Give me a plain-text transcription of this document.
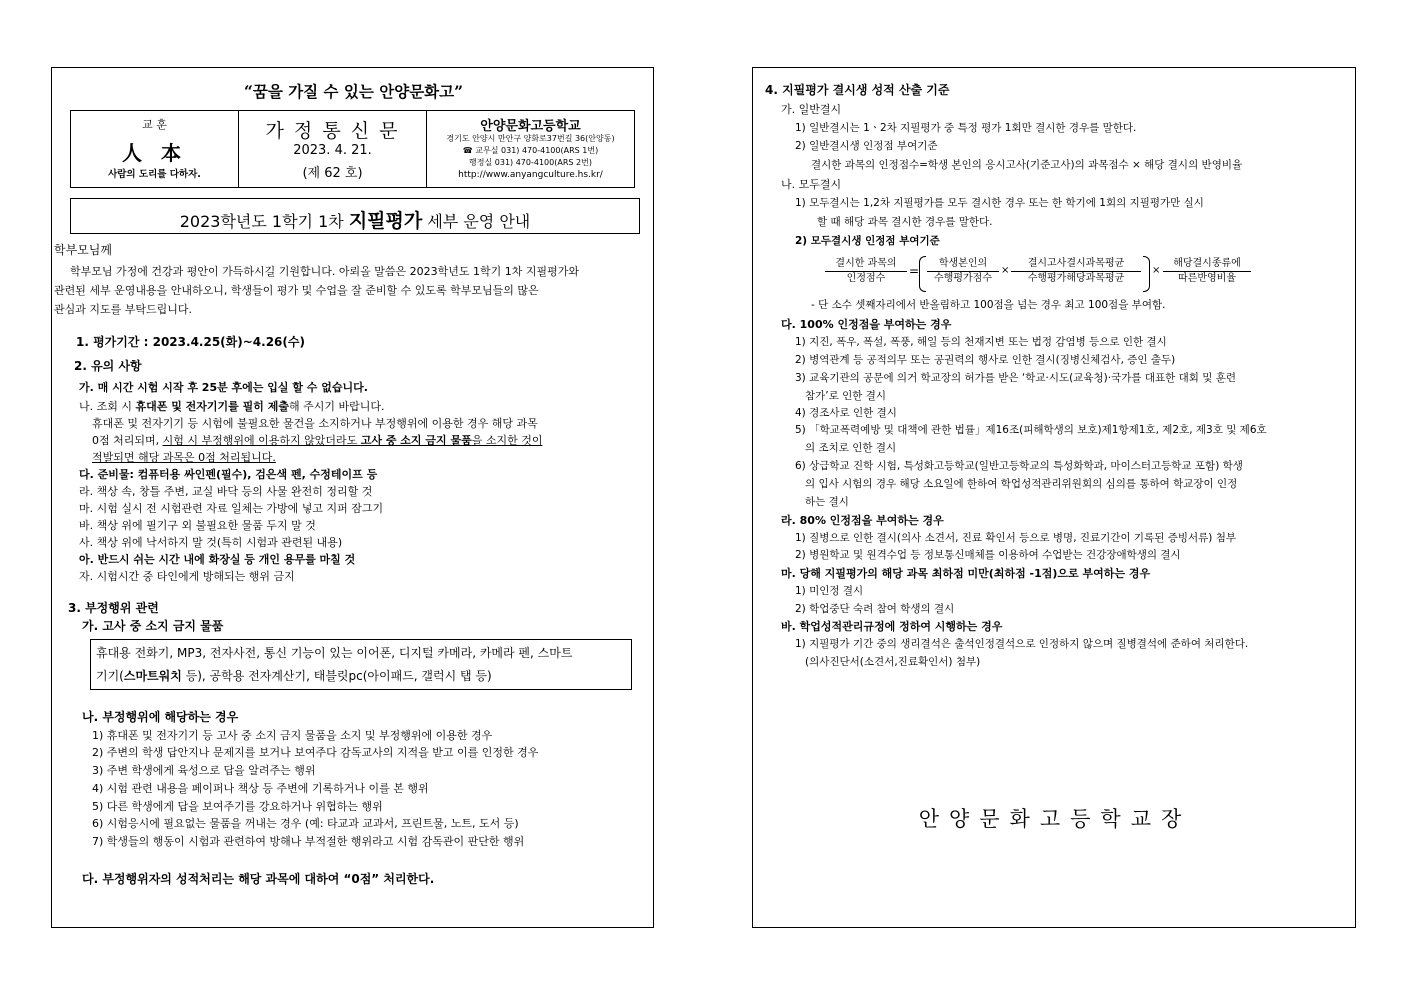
“꿈을 가질 수 있는 안양문화고”
교 훈
人 本
사람의 도리를 다하자.
가 정 통 신 문
2023. 4. 21.
(제 62 호)
안양문화고등학교
경기도 안양시 만안구 양화로37번길 36(안양동)
☎ 교무실 031) 470-4100(ARS 1번)
행정실 031) 470-4100(ARS 2번)
http://www.anyangculture.hs.kr/
2023학년도 1학기 1차 지필평가 세부 운영 안내
학부모님께
학부모님 가정에 건강과 평안이 가득하시길 기원합니다. 아뢰올 말씀은 2023학년도 1학기 1차 지필평가와
관련된 세부 운영내용을 안내하오니, 학생들이 평가 및 수업을 잘 준비할 수 있도록 학부모님들의 많은
관심과 지도를 부탁드립니다.
1. 평가기간 : 2023.4.25(화)~4.26(수)
2. 유의 사항
가. 매 시간 시험 시작 후 25분 후에는 입실 할 수 없습니다.
나. 조회 시 휴대폰 및 전자기기를 필히 제출해 주시기 바랍니다.
휴대폰 및 전자기기 등 시험에 불필요한 물건을 소지하거나 부정행위에 이용한 경우 해당 과목
0점 처리되며, 시험 시 부정행위에 이용하지 않았더라도 고사 중 소지 금지 물품을 소지한 것이
적발되면 해당 과목은 0점 처리됩니다.
다. 준비물: 컴퓨터용 싸인펜(필수), 검은색 펜, 수정테이프 등
라. 책상 속, 창틀 주변, 교실 바닥 등의 사물 완전히 정리할 것
마. 시험 실시 전 시험관련 자료 일체는 가방에 넣고 지퍼 잠그기
바. 책상 위에 필기구 외 불필요한 물품 두지 말 것
사. 책상 위에 낙서하지 말 것(특히 시험과 관련된 내용)
아. 반드시 쉬는 시간 내에 화장실 등 개인 용무를 마칠 것
자. 시험시간 중 타인에게 방해되는 행위 금지
3. 부정행위 관련
가. 고사 중 소지 금지 물품
휴대용 전화기, MP3, 전자사전, 통신 기능이 있는 이어폰, 디지털 카메라, 카메라 펜, 스마트
기기(스마트워치 등), 공학용 전자계산기, 태블릿pc(아이패드, 갤럭시 탭 등)
나. 부정행위에 해당하는 경우
1) 휴대폰 및 전자기기 등 고사 중 소지 금지 물품을 소지 및 부정행위에 이용한 경우
2) 주변의 학생 답안지나 문제지를 보거나 보여주다 감독교사의 지적을 받고 이를 인정한 경우
3) 주변 학생에게 육성으로 답을 알려주는 행위
4) 시험 관련 내용을 페이퍼나 책상 등 주변에 기록하거나 이를 본 행위
5) 다른 학생에게 답을 보여주기를 강요하거나 위협하는 행위
6) 시험응시에 필요없는 물품을 꺼내는 경우 (예: 타교과 교과서, 프린트물, 노트, 도서 등)
7) 학생들의 행동이 시험과 관련하여 방해나 부적절한 행위라고 시험 감독관이 판단한 행위
다. 부정행위자의 성적처리는 해당 과목에 대하여 “0점” 처리한다.
4. 지필평가 결시생 성적 산출 기준
가. 일반결시
1) 일반결시는 1ㆍ2차 지필평가 중 특정 평가 1회만 결시한 경우를 말한다.
2) 일반결시생 인정점 부여기준
결시한 과목의 인정점수=학생 본인의 응시고사(기준고사)의 과목점수 × 해당 결시의 반영비율
나. 모두결시
1) 모두결시는 1,2차 지필평가를 모두 결시한 경우 또는 한 학기에 1회의 지필평가만 실시
할 때 해당 과목 결시한 경우를 말한다.
2) 모두결시생 인정점 부여기준
결시한 과목의
인정점수
=
학생본인의
수행평가점수
×
결시고사결시과목평균
수행평가해당과목평균
×
해당결시종류에
따른반영비율
- 단 소수 셋째자리에서 반올림하고 100점을 넘는 경우 최고 100점을 부여함.
다. 100% 인정점을 부여하는 경우
1) 지진, 폭우, 폭설, 폭풍, 해일 등의 천재지변 또는 법정 감염병 등으로 인한 결시
2) 병역관계 등 공적의무 또는 공권력의 행사로 인한 결시(징병신체검사, 증인 출두)
3) 교육기관의 공문에 의거 학교장의 허가를 받은 ‘학교·시도(교육청)·국가를 대표한 대회 및 훈련
참가’로 인한 결시
4) 경조사로 인한 결시
5) 「학교폭력예방 및 대책에 관한 법률」제16조(피해학생의 보호)제1항제1호, 제2호, 제3호 및 제6호
의 조치로 인한 결시
6) 상급학교 진학 시험, 특성화고등학교(일반고등학교의 특성화학과, 마이스터고등학교 포함) 학생
의 입사 시험의 경우 해당 소요일에 한하여 학업성적관리위원회의 심의를 통하여 학교장이 인정
하는 결시
라. 80% 인정점을 부여하는 경우
1) 질병으로 인한 결시(의사 소견서, 진료 확인서 등으로 병명, 진료기간이 기록된 증빙서류) 첨부
2) 병원학교 및 원격수업 등 정보통신매체를 이용하여 수업받는 건강장애학생의 결시
마. 당해 지필평가의 해당 과목 최하점 미만(최하점 -1점)으로 부여하는 경우
1) 미인정 결시
2) 학업중단 숙려 참여 학생의 결시
바. 학업성적관리규정에 정하여 시행하는 경우
1) 지필평가 기간 중의 생리결석은 출석인정결석으로 인정하지 않으며 질병결석에 준하여 처리한다.
(의사진단서(소견서,진료확인서) 첨부)
안양문화고등학교장
